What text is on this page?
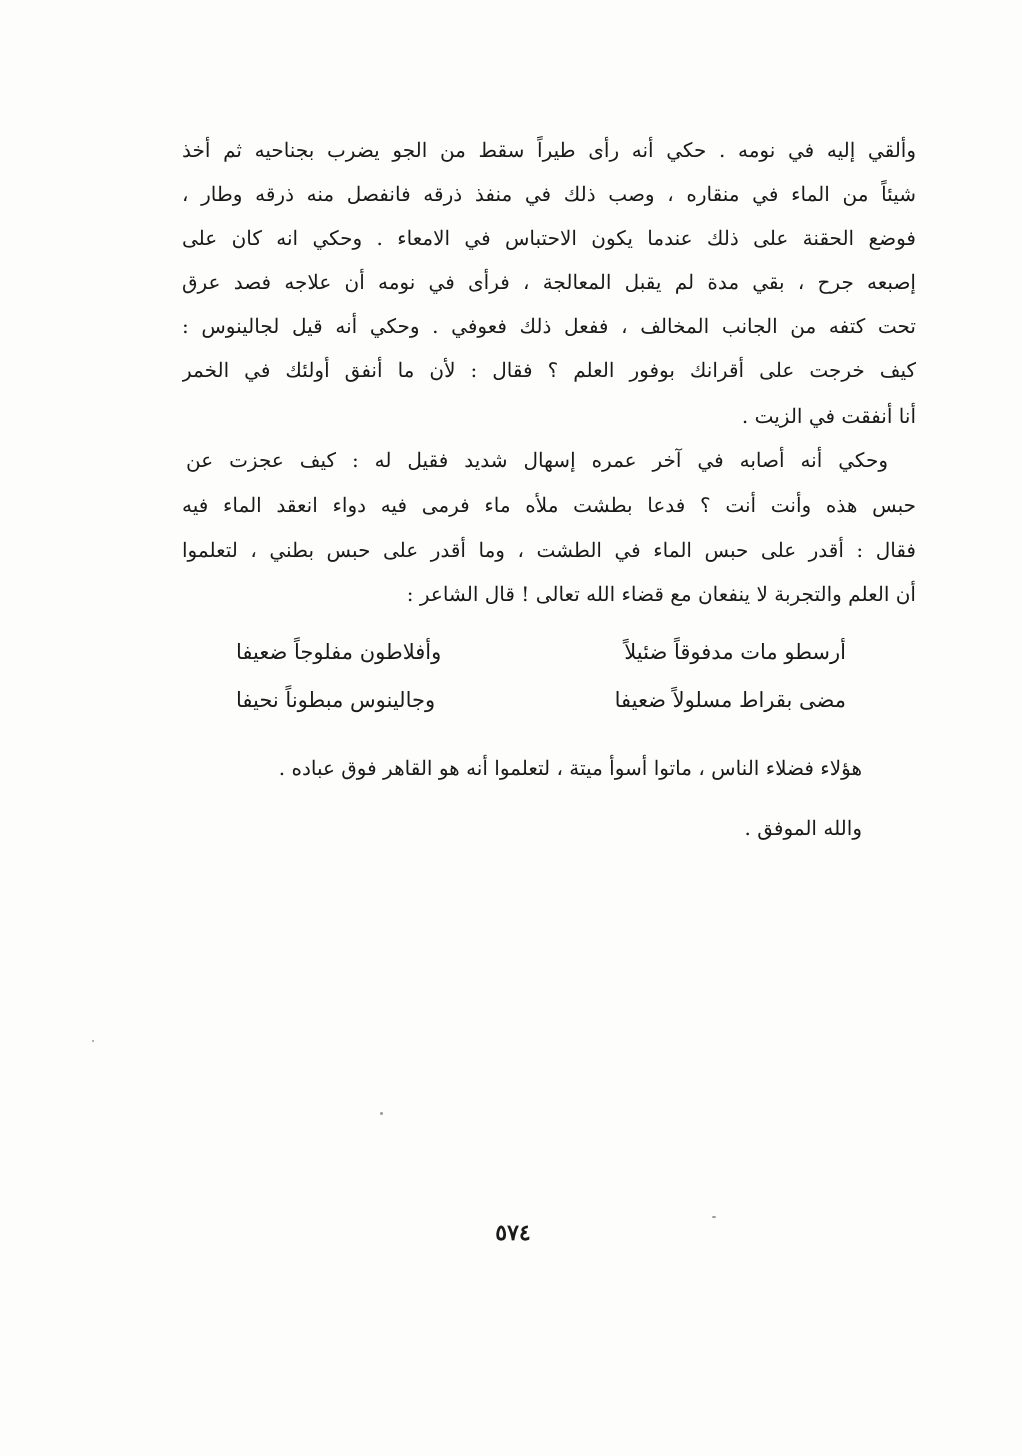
وألقي إليه في نومه . حكي أنه رأى طيراً سقط من الجو يضرب بجناحيه ثم أخذ
شيئاً من الماء في منقاره ، وصب ذلك في منفذ ذرقه فانفصل منه ذرقه وطار ،
فوضع الحقنة على ذلك عندما يكون الاحتباس في الامعاء . وحكي انه كان على
إصبعه جرح ، بقي مدة لم يقبل المعالجة ، فرأى في نومه أن علاجه فصد عرق
تحت كتفه من الجانب المخالف ، ففعل ذلك فعوفي . وحكي أنه قيل لجالينوس :
كيف خرجت على أقرانك بوفور العلم ؟ فقال : لأن ما أنفق أولئك في الخمر
أنا أنفقت في الزيت .
وحكي أنه أصابه في آخر عمره إسهال شديد فقيل له : كيف عجزت عن
حبس هذه وأنت أنت ؟ فدعا بطشت ملأه ماء فرمى فيه دواء انعقد الماء فيه
فقال : أقدر على حبس الماء في الطشت ، وما أقدر على حبس بطني ، لتعلموا
أن العلم والتجربة لا ينفعان مع قضاء الله تعالى ! قال الشاعر :
أرسطو مات مدفوقاً ضئيلاً
وأفلاطون مفلوجاً ضعيفا
مضى بقراط مسلولاً ضعيفا
وجالينوس مبطوناً نحيفا
هؤلاء فضلاء الناس ، ماتوا أسوأ ميتة ، لتعلموا أنه هو القاهر فوق عباده .
والله الموفق .
٥٧٤
